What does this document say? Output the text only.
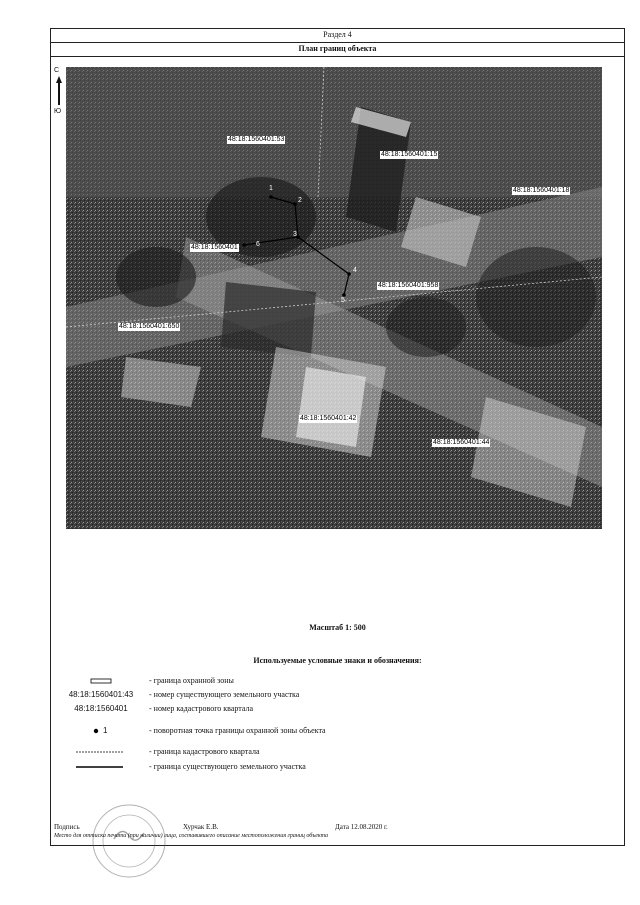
Раздел 4
План границ объекта
С
Ю
48:18:1560401:53
48:18:1560401:15
48:18:1560401:18
48:18:1560401
48:18:1560401:958
48:18:1560401:650
48:18:1560401:42
48:18:1560401:44
1
2
3
4
5
6
Масштаб 1: 500
Используемые условные знаки и обозначения:
- граница охранной зоны
48:18:1560401:43	- номер существующего земельного участка
48:18:1560401	- номер кадастрового квартала
1	- поворотная точка границы охранной зоны объекта
- граница кадастрового квартала
- граница существующего земельного участка
Подпись	Хурчак Е.В.	Дата 12.08.2020 г.
Место для оттиска печати (при наличии) лица, составившего описание местоположения границ объекта
